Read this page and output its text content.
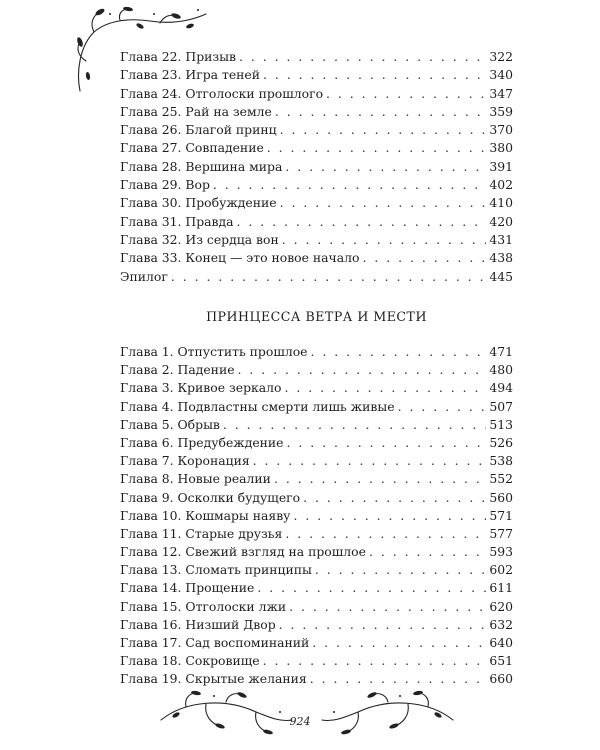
Глава 22. Призыв . . .	322
Глава 23. Игра теней . . .	340
Глава 24. Отголоски прошлого . . .	347
Глава 25. Рай на земле . . .	359
Глава 26. Благой принц . . .	370
Глава 27. Совпадение . . .	380
Глава 28. Вершина мира . . .	391
Глава 29. Вор . . .	402
Глава 30. Пробуждение . . .	410
Глава 31. Правда . . .	420
Глава 32. Из сердца вон . . .	431
Глава 33. Конец — это новое начало . . .	438
Эпилог . . .	445
ПРИНЦЕССА ВЕТРА И МЕСТИ
Глава 1. Отпустить прошлое . . .	471
Глава 2. Падение . . .	480
Глава 3. Кривое зеркало . . .	494
Глава 4. Подвластны смерти лишь живые . . .	507
Глава 5. Обрыв . . .	513
Глава 6. Предубеждение . . .	526
Глава 7. Коронация . . .	538
Глава 8. Новые реалии . . .	552
Глава 9. Осколки будущего . . .	560
Глава 10. Кошмары наяву . . .	571
Глава 11. Старые друзья . . .	577
Глава 12. Свежий взгляд на прошлое . . .	593
Глава 13. Сломать принципы . . .	602
Глава 14. Прощение . . .	611
Глава 15. Отголоски лжи . . .	620
Глава 16. Низший Двор . . .	632
Глава 17. Сад воспоминаний . . .	640
Глава 18. Сокровище . . .	651
Глава 19. Скрытые желания . . .	660
924
